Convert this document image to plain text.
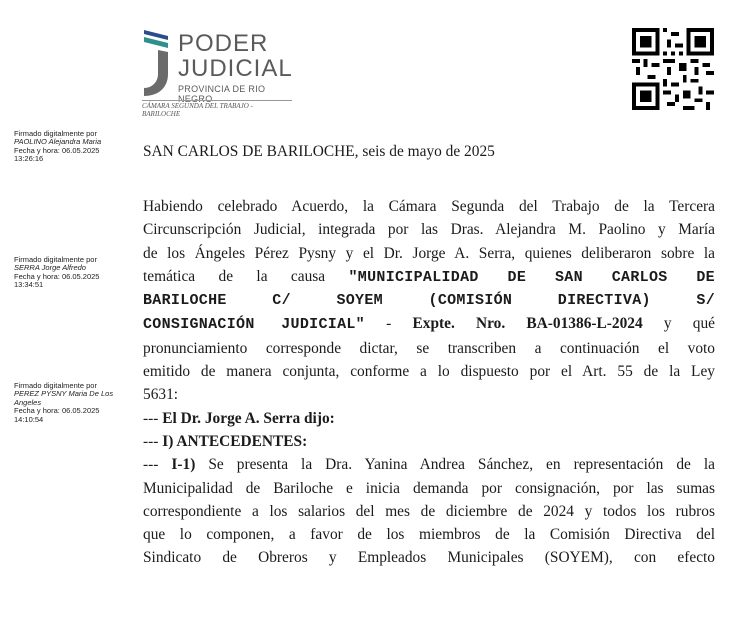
PODER
JUDICIAL
PROVINCIA DE RIO NEGRO
CÁMARA SEGUNDA DEL TRABAJO - BARILOCHE
Firmado digitalmente por
PAOLINO Alejandra Maria
Fecha y hora: 06.05.2025
13:26:16
Firmado digitalmente por
SERRA Jorge Alfredo
Fecha y hora: 06.05.2025
13:34:51
Firmado digitalmente por
PEREZ PYSNY Maria De Los
Angeles
Fecha y hora: 06.05.2025
14:10:54
SAN CARLOS DE BARILOCHE, seis de mayo de 2025
Habiendo celebrado Acuerdo, la Cámara Segunda del Trabajo de la Tercera
Circunscripción Judicial, integrada por las Dras. Alejandra M. Paolino y María
de los Ángeles Pérez Pysny y el Dr. Jorge A. Serra, quienes deliberaron sobre la
temática de la causa "MUNICIPALIDAD DE SAN CARLOS DE
BARILOCHE C/ SOYEM (COMISIÓN DIRECTIVA) S/
CONSIGNACIÓN JUDICIAL" - Expte. Nro. BA-01386-L-2024 y qué
pronunciamiento corresponde dictar, se transcriben a continuación el voto
emitido de manera conjunta, conforme a lo dispuesto por el Art. 55 de la Ley
5631:
--- El Dr. Jorge A. Serra dijo:
--- I) ANTECEDENTES:
--- I-1) Se presenta la Dra. Yanina Andrea Sánchez, en representación de la
Municipalidad de Bariloche e inicia demanda por consignación, por las sumas
correspondiente a los salarios del mes de diciembre de 2024 y todos los rubros
que lo componen, a favor de los miembros de la Comisión Directiva del
Sindicato de Obreros y Empleados Municipales (SOYEM), con efecto
